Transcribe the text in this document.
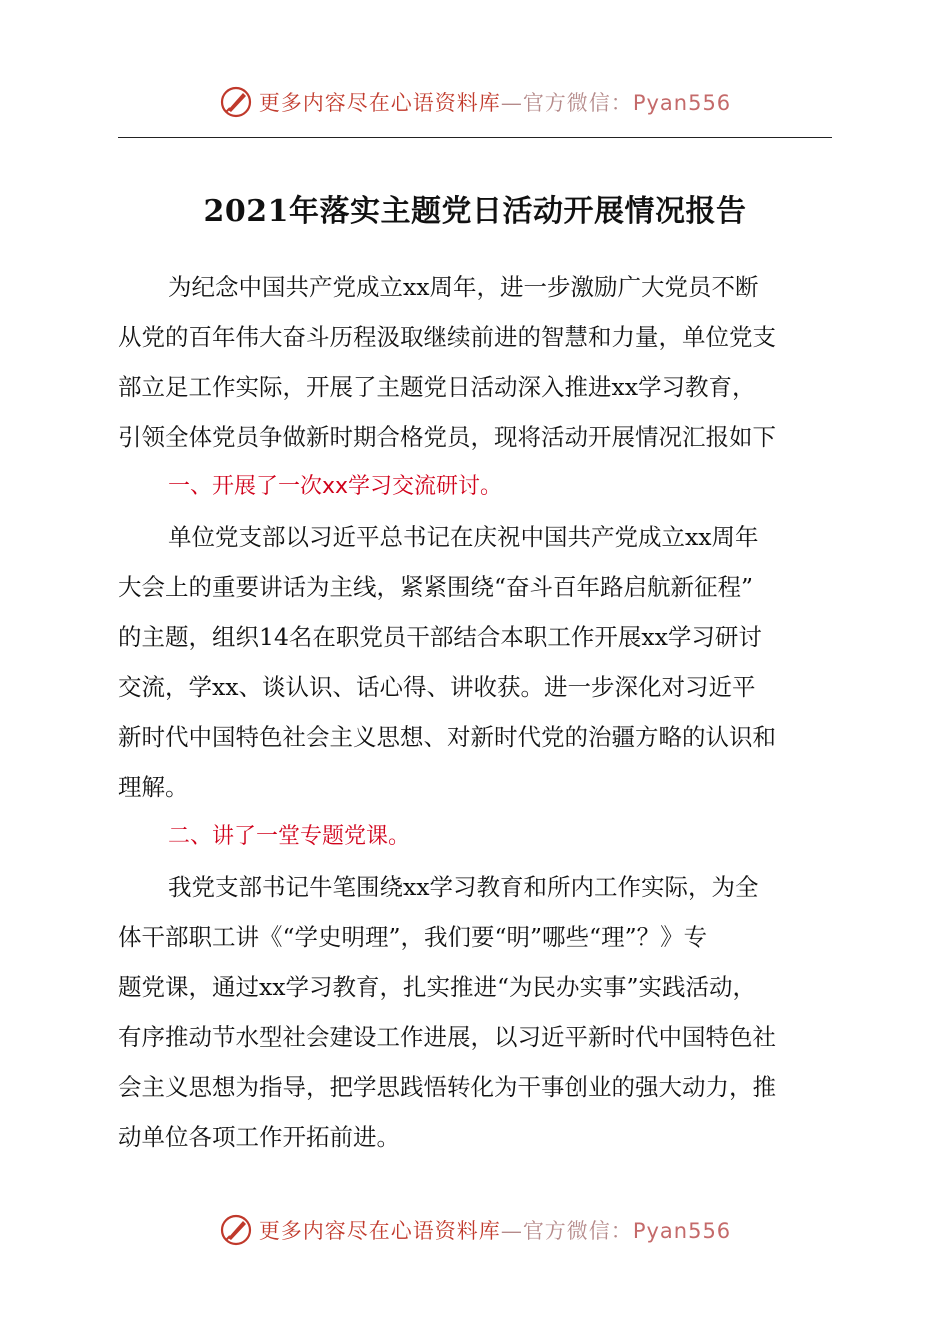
更多内容尽在心语资料库—官方微信：Pyan556
2021年落实主题党日活动开展情况报告
为纪念中国共产党成立xx周年，进一步激励广大党员不断
从党的百年伟大奋斗历程汲取继续前进的智慧和力量，单位党支
部立足工作实际，开展了主题党日活动深入推进xx学习教育，
引领全体党员争做新时期合格党员，现将活动开展情况汇报如下
一、开展了一次xx学习交流研讨。
单位党支部以习近平总书记在庆祝中国共产党成立xx周年
大会上的重要讲话为主线，紧紧围绕“奋斗百年路启航新征程”
的主题，组织14名在职党员干部结合本职工作开展xx学习研讨
交流，学xx、谈认识、话心得、讲收获。进一步深化对习近平
新时代中国特色社会主义思想、对新时代党的治疆方略的认识和
理解。
二、讲了一堂专题党课。
我党支部书记牛笔围绕xx学习教育和所内工作实际，为全
体干部职工讲《“学史明理”，我们要“明”哪些“理”？》专
题党课，通过xx学习教育，扎实推进“为民办实事”实践活动，
有序推动节水型社会建设工作进展，以习近平新时代中国特色社
会主义思想为指导，把学思践悟转化为干事创业的强大动力，推
动单位各项工作开拓前进。
更多内容尽在心语资料库—官方微信：Pyan556
